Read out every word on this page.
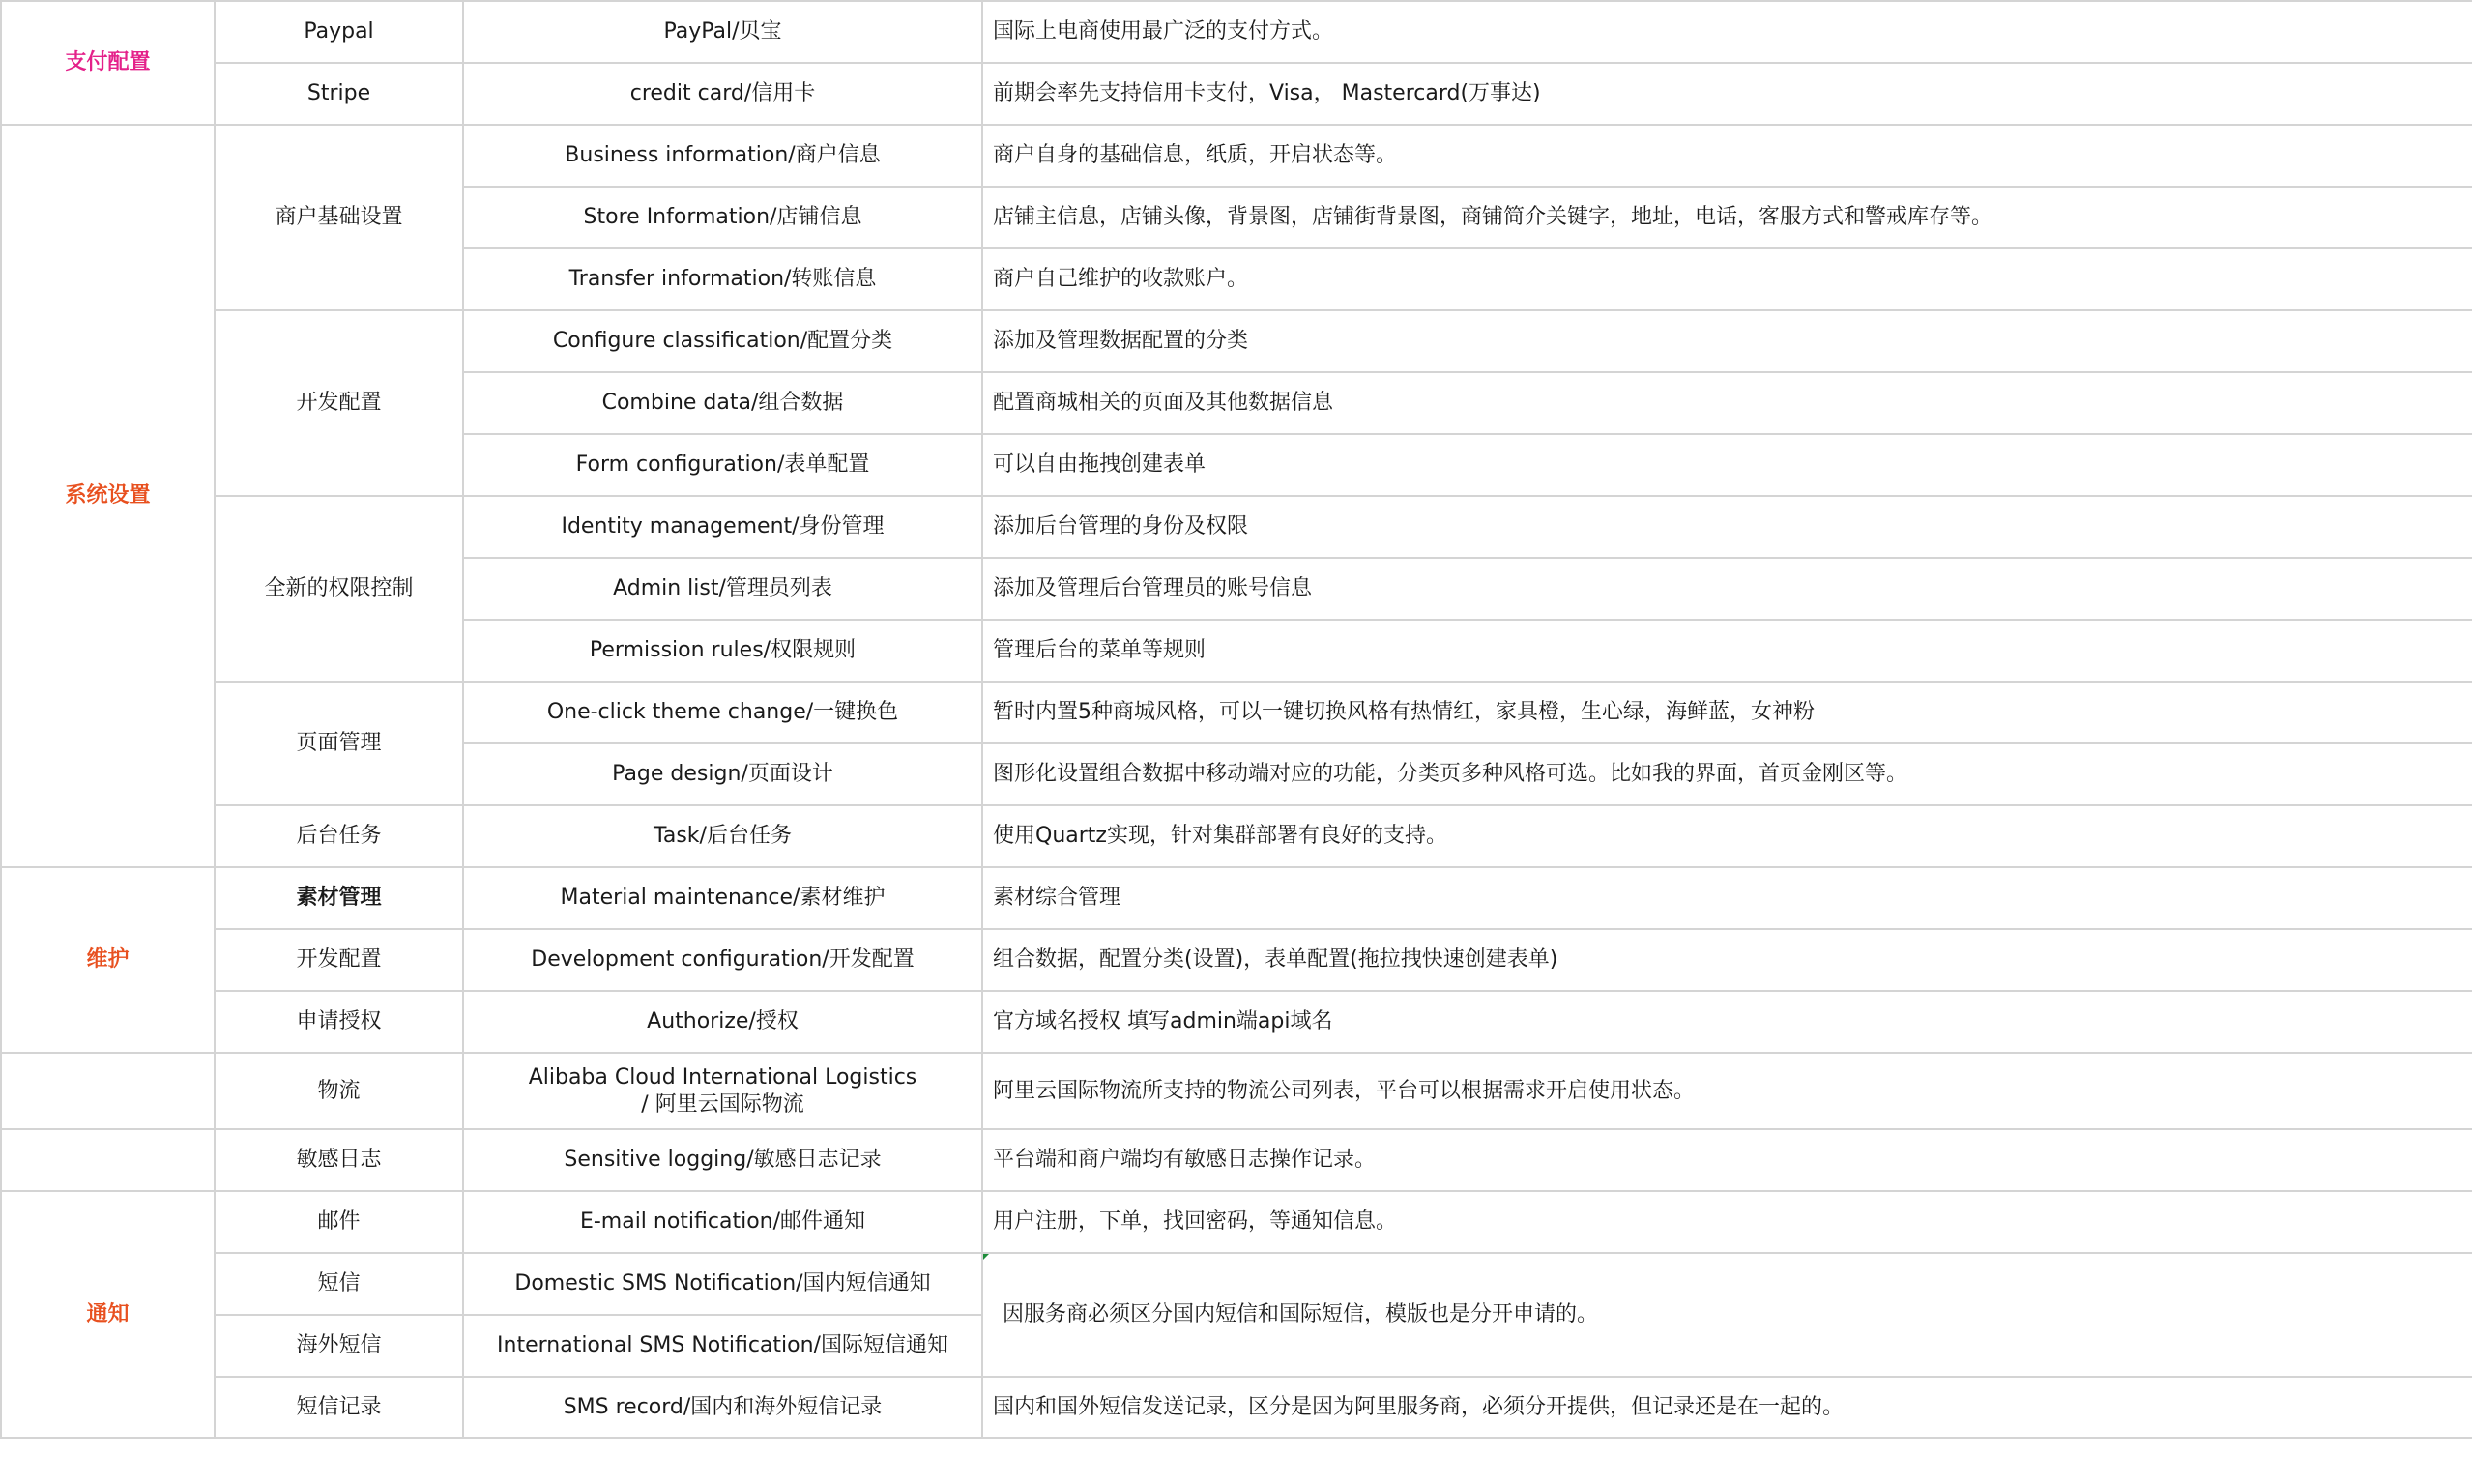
支付配置	Paypal	PayPal/贝宝	国际上电商使用最广泛的支付方式。
	Stripe	credit card/信用卡	前期会率先支持信用卡支付，Visa， Mastercard(万事达)
系统设置	商户基础设置	Business information/商户信息	商户自身的基础信息，纸质，开启状态等。
		Store Information/店铺信息	店铺主信息，店铺头像，背景图，店铺街背景图，商铺简介关键字，地址，电话，客服方式和警戒库存等。
		Transfer information/转账信息	商户自己维护的收款账户。
	开发配置	Configure classification/配置分类	添加及管理数据配置的分类
		Combine data/组合数据	配置商城相关的页面及其他数据信息
		Form configuration/表单配置	可以自由拖拽创建表单
	全新的权限控制	Identity management/身份管理	添加后台管理的身份及权限
		Admin list/管理员列表	添加及管理后台管理员的账号信息
		Permission rules/权限规则	管理后台的菜单等规则
	页面管理	One-click theme change/一键换色	暂时内置5种商城风格，可以一键切换风格有热情红，家具橙，生心绿，海鲜蓝，女神粉
		Page design/页面设计	图形化设置组合数据中移动端对应的功能，分类页多种风格可选。比如我的界面，首页金刚区等。
	后台任务	Task/后台任务	使用Quartz实现，针对集群部署有良好的支持。
维护	素材管理	Material maintenance/素材维护	素材综合管理
	开发配置	Development configuration/开发配置	组合数据，配置分类(设置)，表单配置(拖拉拽快速创建表单)
	申请授权	Authorize/授权	官方域名授权 填写admin端api域名
	物流	Alibaba Cloud International Logistics
/ 阿里云国际物流	阿里云国际物流所支持的物流公司列表，平台可以根据需求开启使用状态。
	敏感日志	Sensitive logging/敏感日志记录	平台端和商户端均有敏感日志操作记录。
通知	邮件	E-mail notification/邮件通知	用户注册，下单，找回密码，等通知信息。
	短信	Domestic SMS Notification/国内短信通知	因服务商必须区分国内短信和国际短信，模版也是分开申请的。
	海外短信	International SMS Notification/国际短信通知	
	短信记录	SMS record/国内和海外短信记录	国内和国外短信发送记录，区分是因为阿里服务商，必须分开提供，但记录还是在一起的。
